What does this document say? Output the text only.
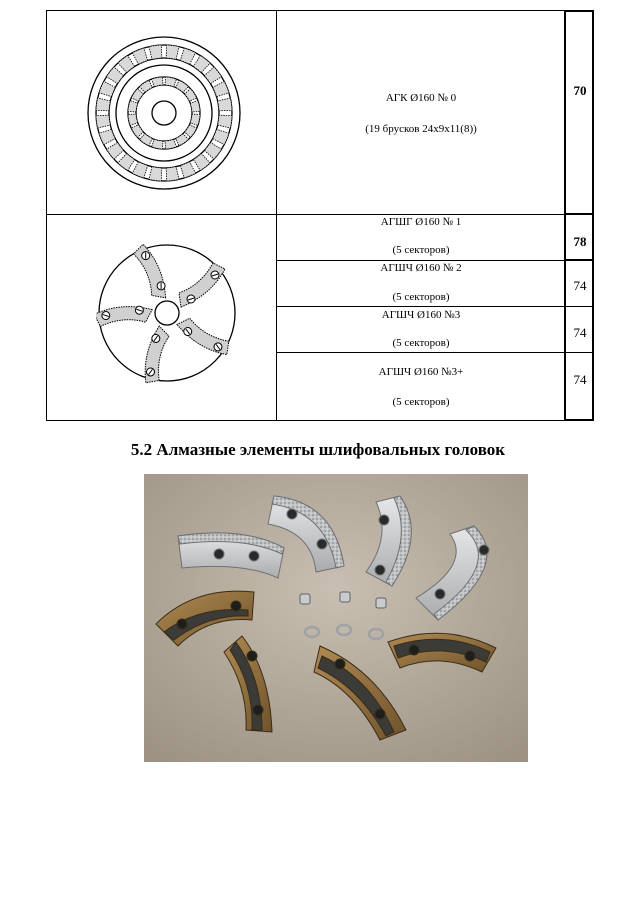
АГК Ø160 № 0
(19 брусков 24х9х11(8))
70
АГШГ Ø160 № 1
(5 секторов)
78
АГШЧ Ø160 № 2
(5 секторов)
74
АГШЧ Ø160 №3
(5 секторов)
74
АГШЧ Ø160 №3+
(5 секторов)
74
5.2 Алмазные элементы шлифовальных головок
